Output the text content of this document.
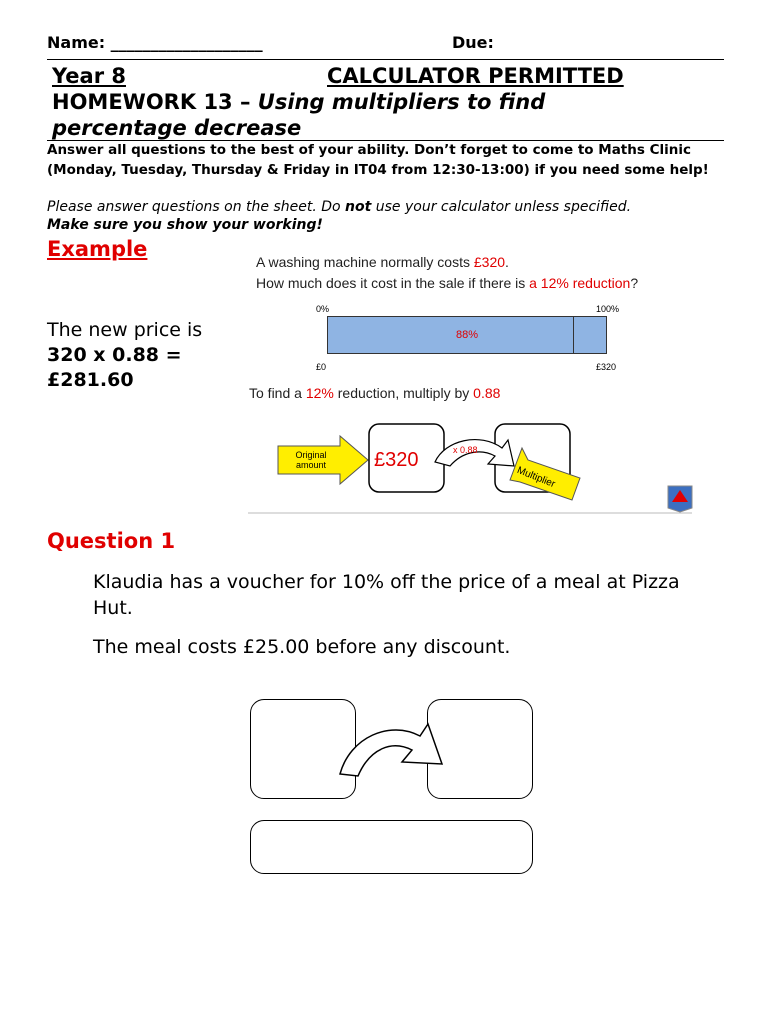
Name: ___________________	Due:
Year 8	CALCULATOR PERMITTED
HOMEWORK 13 – Using multipliers to find percentage decrease
Answer all questions to the best of your ability. Don’t forget to come to Maths Clinic (Monday, Tuesday, Thursday & Friday in IT04 from 12:30-13:00) if you need some help!
Please answer questions on the sheet. Do not use your calculator unless specified.
Make sure you show your working!
Example
The new price is
320 x 0.88 =
£281.60
A washing machine normally costs £320.
How much does it cost in the sale if there is a 12% reduction?
0%	100%
88%
£0	£320
To find a 12% reduction, multiply by 0.88
Original amount	£320	x 0.88
Multiplier
Question 1
Klaudia has a voucher for 10% off the price of a meal at Pizza Hut.
The meal costs £25.00 before any discount.
